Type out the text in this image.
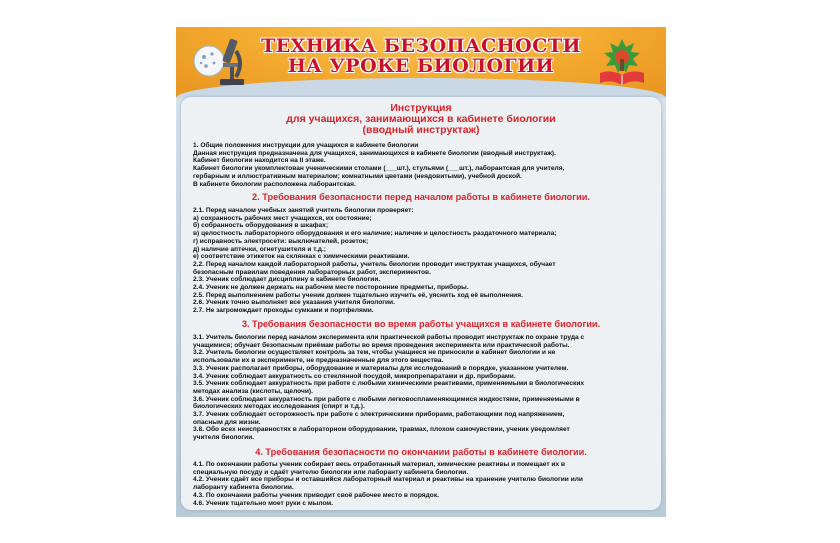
ТЕХНИКА БЕЗОПАСНОСТИ
НА УРОКЕ БИОЛОГИИ
Инструкция
для учащихся, занимающихся в кабинете биологии
(вводный инструктаж)
1. Общие положения инструкции для учащихся в кабинете биологии
Данная инструкция предназначена для учащихся, занимающихся в кабинете биологии (вводный инструктаж).
Кабинет биологии находится на II этаже.
Кабинет биологии укомплектован ученическими столами (___шт.), стульями (___шт.), лаборантская для учителя,
гербарным и иллюстративным материалом; комнатными цветами (неядовитыми), учебной доской.
В кабинете биологии расположена лаборантская.
2. Требования безопасности перед началом работы в кабинете биологии.
2.1. Перед началом учебных занятий учитель биологии проверяет:
а) сохранность рабочих мест учащихся, их состояние;
б) собранность оборудования в шкафах;
в) целостность лабораторного оборудования и его наличие; наличие и целостность раздаточного материала;
г) исправность электросети: выключателей, розеток;
д) наличие аптечки, огнетушителя и т.д.;
е) соответствие этикеток на склянках с химическими реактивами.
2.2. Перед началом каждой лабораторной работы, учитель биологии проводит инструктаж учащихся, обучает
безопасным правилам поведения лабораторных работ, экспериментов.
2.3. Ученик соблюдает дисциплину в кабинете биологии.
2.4. Ученик не должен держать на рабочем месте посторонние предметы, приборы.
2.5. Перед выполнением работы ученик должен тщательно изучить её, уяснить ход её выполнения.
2.6. Ученик точно выполняет все указания учителя биологии.
2.7. Не загромождает проходы сумками и портфелями.
3. Требования безопасности во время работы учащихся в кабинете биологии.
3.1. Учитель биологии перед началом эксперимента или практической работы проводит инструктаж по охране труда с
учащимися; обучает безопасным приёмам работы во время проведения эксперимента или практической работы.
3.2. Учитель биологии осуществляет контроль за тем, чтобы учащиеся не приносили в кабинет биологии и не
использовали их в эксперименте, не предназначенные для этого вещества.
3.3. Ученик располагает приборы, оборудование и материалы для исследований в порядке, указанном учителем.
3.4. Ученик соблюдает аккуратность со стеклянной посудой, микропрепаратами и др. приборами.
3.5. Ученик соблюдает аккуратность при работе с любыми химическими реактивами, применяемыми в биологических
методах анализа (кислоты, щелочи).
3.6. Ученик соблюдает аккуратность при работе с любыми легковоспламеняющимися жидкостями, применяемыми в
биологических методах исследования (спирт и т.д.).
3.7. Ученик соблюдает осторожность при работе с электрическими приборами, работающими под напряжением,
опасным для жизни.
3.8. Обо всех неисправностях в лабораторном оборудовании, травмах, плохом самочувствии, ученик уведомляет
учителя биологии.
4. Требования безопасности по окончании работы в кабинете биологии.
4.1. По окончании работы ученик собирает весь отработанный материал, химические реактивы и помещает их в
специальную посуду и сдаёт учителю биологии или лаборанту кабинета биологии.
4.2. Ученик сдаёт все приборы и оставшийся лабораторный материал и реактивы на хранение учителю биологии или
лаборанту кабинета биологии.
4.3. По окончании работы ученик приводит своё рабочее место в порядок.
4.6. Ученик тщательно моет руки с мылом.
